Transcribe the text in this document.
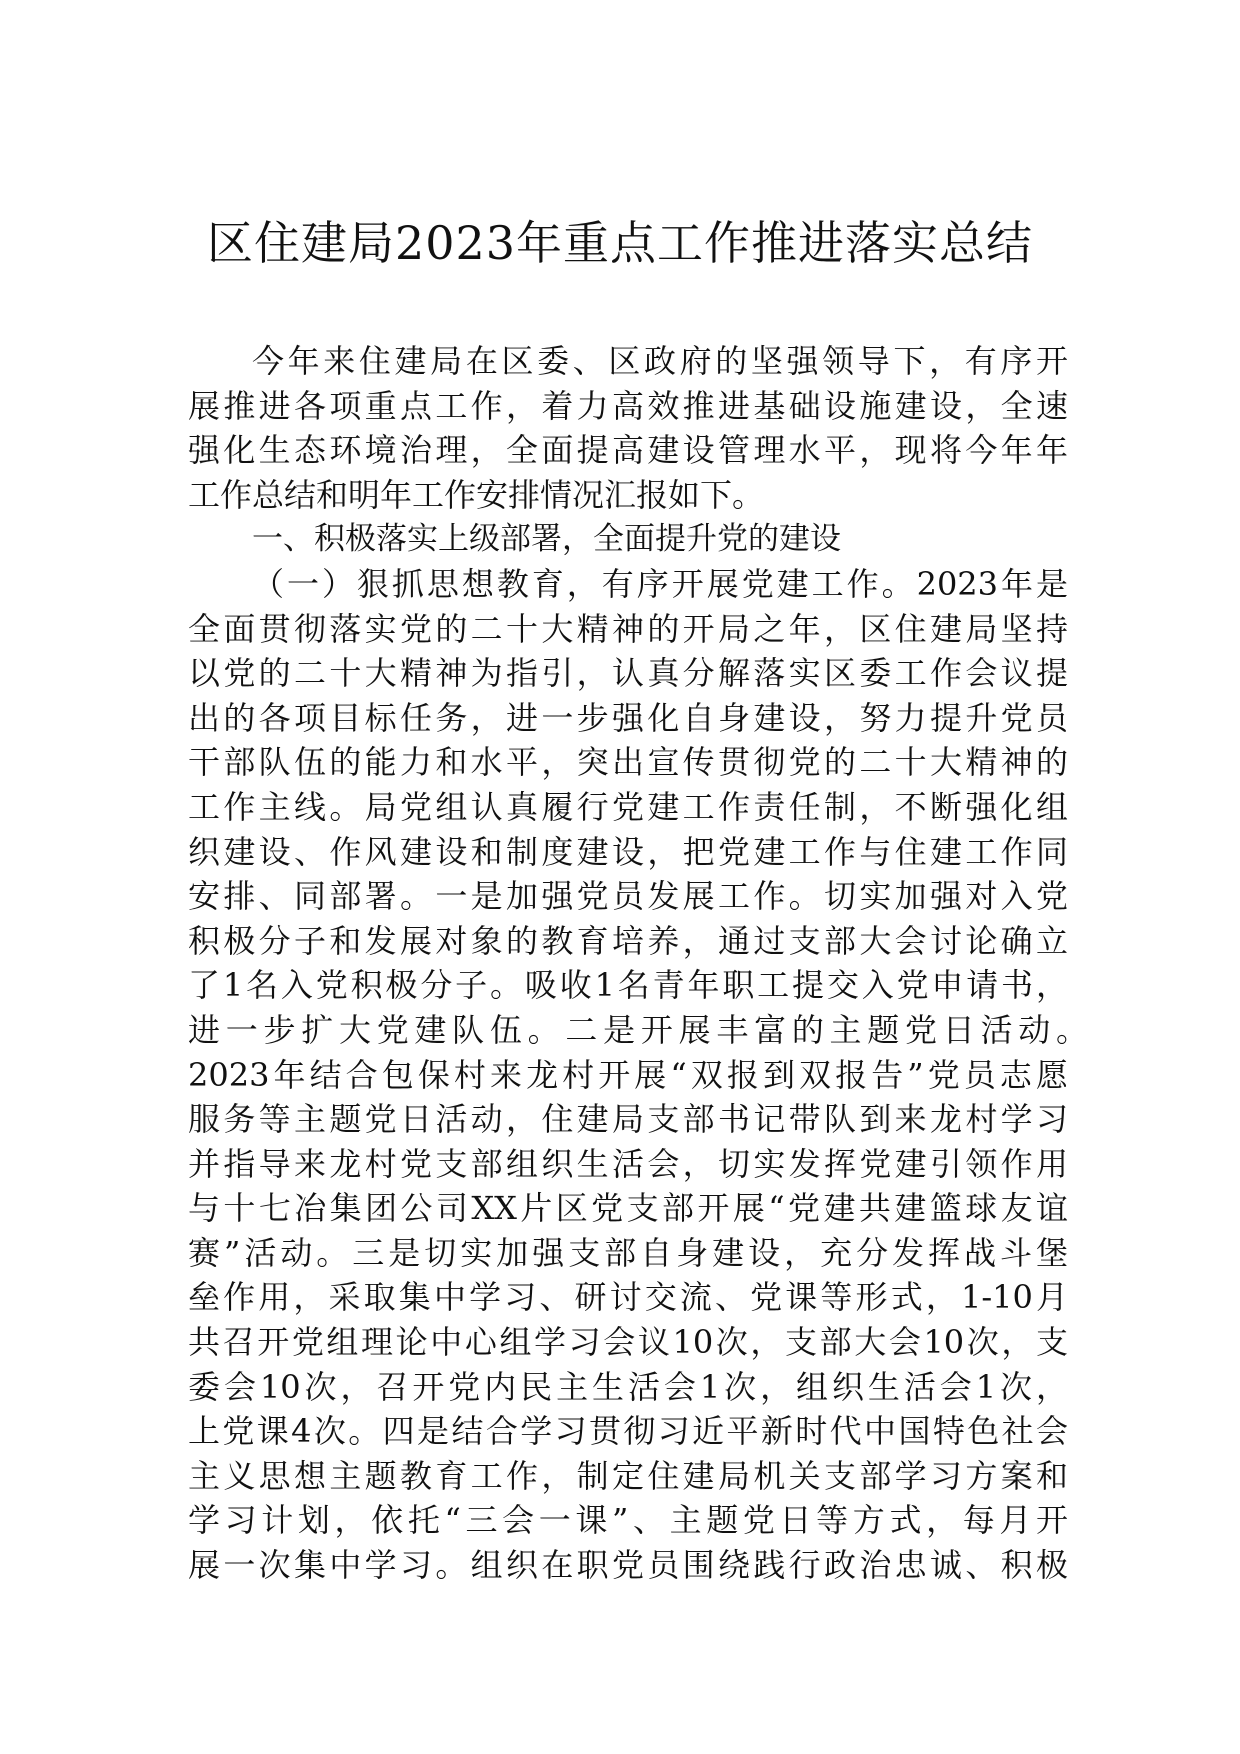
区住建局2023年重点工作推进落实总结
今年来住建局在区委、区政府的坚强领导下，有序开
展推进各项重点工作，着力高效推进基础设施建设，全速
强化生态环境治理，全面提高建设管理水平，现将今年年
工作总结和明年工作安排情况汇报如下。
一、积极落实上级部署，全面提升党的建设
（一）狠抓思想教育，有序开展党建工作。2023年是
全面贯彻落实党的二十大精神的开局之年，区住建局坚持
以党的二十大精神为指引，认真分解落实区委工作会议提
出的各项目标任务，进一步强化自身建设，努力提升党员
干部队伍的能力和水平，突出宣传贯彻党的二十大精神的
工作主线。局党组认真履行党建工作责任制，不断强化组
织建设、作风建设和制度建设，把党建工作与住建工作同
安排、同部署。一是加强党员发展工作。切实加强对入党
积极分子和发展对象的教育培养，通过支部大会讨论确立
了1名入党积极分子。吸收1名青年职工提交入党申请书，
进一步扩大党建队伍。二是开展丰富的主题党日活动。
2023年结合包保村来龙村开展“双报到双报告”党员志愿
服务等主题党日活动，住建局支部书记带队到来龙村学习
并指导来龙村党支部组织生活会，切实发挥党建引领作用
与十七冶集团公司XX片区党支部开展“党建共建篮球友谊
赛”活动。三是切实加强支部自身建设，充分发挥战斗堡
垒作用，采取集中学习、研讨交流、党课等形式，1-10月
共召开党组理论中心组学习会议10次，支部大会10次，支
委会10次，召开党内民主生活会1次，组织生活会1次，
上党课4次。四是结合学习贯彻习近平新时代中国特色社会
主义思想主题教育工作，制定住建局机关支部学习方案和
学习计划，依托“三会一课”、主题党日等方式，每月开
展一次集中学习。组织在职党员围绕践行政治忠诚、积极
